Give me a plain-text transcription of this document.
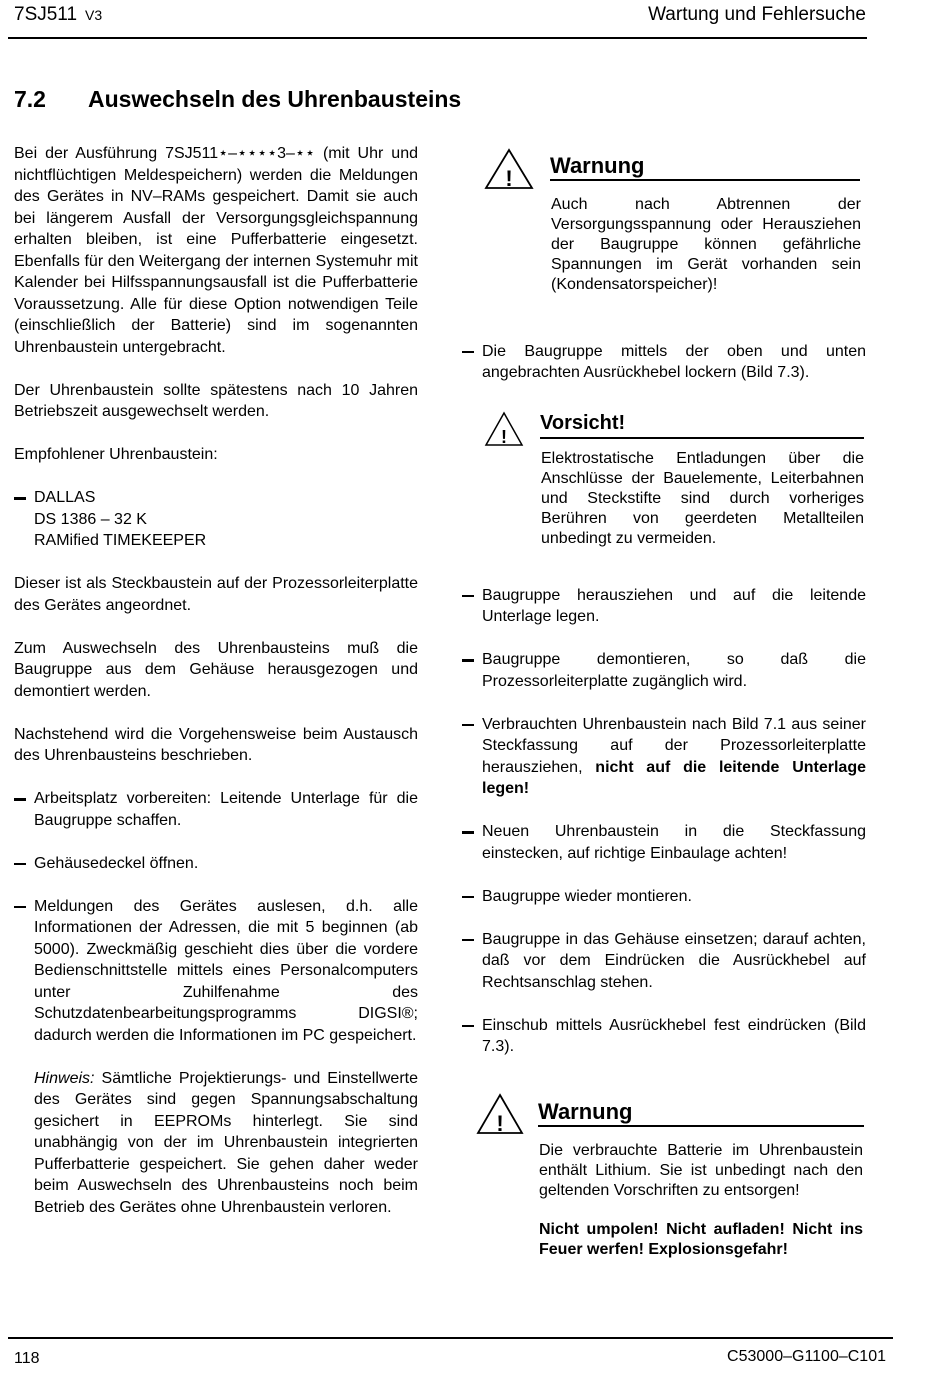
7SJ511 V3	Wartung und Fehlersuche
7.2 Auswechseln des Uhrenbausteins

Bei der Ausführung 7SJ511⋆–⋆⋆⋆⋆3–⋆⋆ (mit Uhr und nichtflüchtigen Meldespeichern) werden die Meldungen des Gerätes in NV–RAMs gespeichert. Damit sie auch bei längerem Ausfall der Versorgungsgleichspannung erhalten bleiben, ist eine Pufferbatterie eingesetzt. Ebenfalls für den Weitergang der internen Systemuhr mit Kalender bei Hilfsspannungsausfall ist die Pufferbatterie Voraussetzung. Alle für diese Option notwendigen Teile (einschließlich der Batterie) sind im sogenannten Uhrenbaustein untergebracht.

Der Uhrenbaustein sollte spätestens nach 10 Jahren Betriebszeit ausgewechselt werden.

Empfohlener Uhrenbaustein:

DALLAS
DS 1386 – 32 K
RAMified TIMEKEEPER

Dieser ist als Steckbaustein auf der Prozessorleiterplatte des Gerätes angeordnet.

Zum Auswechseln des Uhrenbausteins muß die Baugruppe aus dem Gehäuse herausgezogen und demontiert werden.

Nachstehend wird die Vorgehensweise beim Austausch des Uhrenbausteins beschrieben.

Arbeitsplatz vorbereiten: Leitende Unterlage für die Baugruppe schaffen.

Gehäusedeckel öffnen.

Meldungen des Gerätes auslesen, d.h. alle Informationen der Adressen, die mit 5 beginnen (ab 5000). Zweckmäßig geschieht dies über die vordere Bedienschnittstelle mittels eines Personalcomputers unter Zuhilfenahme des Schutzdatenbearbeitungsprogramms DIGSI®; dadurch werden die Informationen im PC gespeichert.

Hinweis: Sämtliche Projektierungs- und Einstellwerte des Gerätes sind gegen Spannungsabschaltung gesichert in EEPROMs hinterlegt. Sie sind unabhängig von der im Uhrenbaustein integrierten Pufferbatterie gespeichert. Sie gehen daher weder beim Auswechseln des Uhrenbausteins noch beim Betrieb des Gerätes ohne Uhrenbaustein verloren.

!
Warnung

Auch nach Abtrennen der Versorgungsspannung oder Herausziehen der Baugruppe können gefährliche Spannungen im Gerät vorhanden sein (Kondensatorspeicher)!

Die Baugruppe mittels der oben und unten angebrachten Ausrückhebel lockern (Bild 7.3).

!
Vorsicht!

Elektrostatische Entladungen über die Anschlüsse der Bauelemente, Leiterbahnen und Steckstifte sind durch vorheriges Berühren von geerdeten Metallteilen unbedingt zu vermeiden.

Baugruppe herausziehen und auf die leitende Unterlage legen.

Baugruppe demontieren, so daß die Prozessorleiterplatte zugänglich wird.

Verbrauchten Uhrenbaustein nach Bild 7.1 aus seiner Steckfassung auf der Prozessorleiterplatte herausziehen, nicht auf die leitende Unterlage legen!

Neuen Uhrenbaustein in die Steckfassung einstecken, auf richtige Einbaulage achten!

Baugruppe wieder montieren.

Baugruppe in das Gehäuse einsetzen; darauf achten, daß vor dem Eindrücken die Ausrückhebel auf Rechtsanschlag stehen.

Einschub mittels Ausrückhebel fest eindrücken (Bild 7.3).

! Warnung

Die verbrauchte Batterie im Uhrenbaustein enthält Lithium. Sie ist unbedingt nach den geltenden Vorschriften zu entsorgen!

Nicht umpolen! Nicht aufladen! Nicht ins Feuer werfen! Explosionsgefahr!

118	C53000–G1100–C101
